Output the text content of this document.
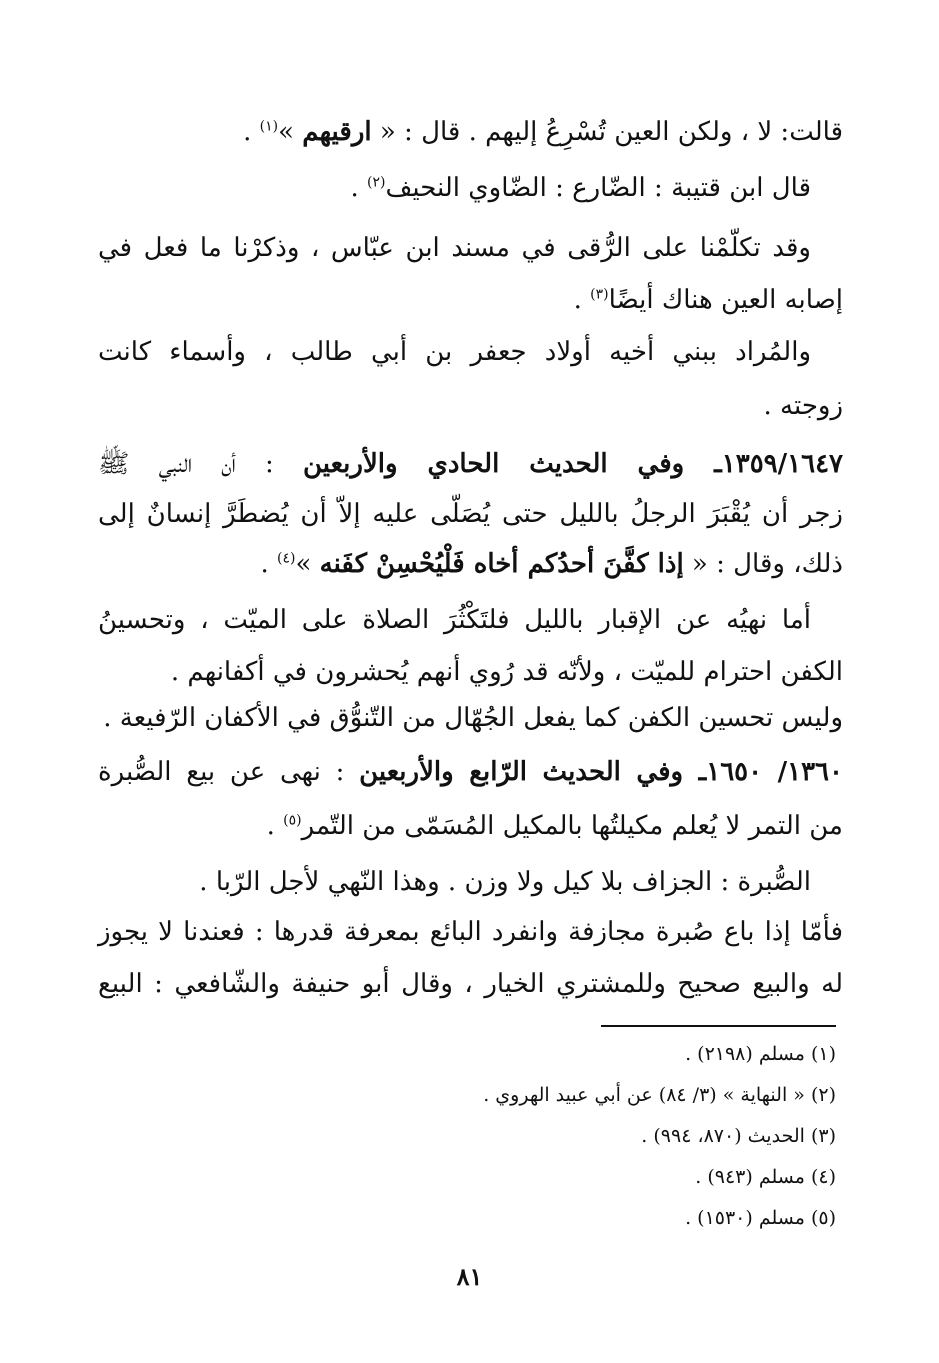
قالت: لا ، ولكن العين تُسْرِعُ إليهم . قال : « ارقيهم »$^{(١)}$ .
قال ابن قتيبة : الضّارع : الضّاوي النحيف$^{(٢)}$ .
وقد تكلّمْنا على الرُّقى في مسند ابن عبّاس ، وذكرْنا ما فعل في
إصابه العين هناك أيضًا$^{(٣)}$ .
والمُراد ببني أخيه أولاد جعفر بن أبي طالب ، وأسماء كانت
زوجته .
١٣٥٩/١٦٤٧ـ وفي الحديث الحادي والأربعين : أن النبي ﷺ
زجر أن يُقْبَرَ الرجلُ بالليل حتى يُصَلّى عليه إلاّ أن يُضطَرَّ إنسانٌ إلى
ذلك، وقال : « إذا كفَّنَ أحدُكم أخاه فَلْيُحْسِنْ كفَنه »$^{(٤)}$ .
أما نهيُه عن الإقبار بالليل فلتَكْثُرَ الصلاة على الميّت ، وتحسينُ
الكفن احترام للميّت ، ولأنّه قد رُوي أنهم يُحشرون في أكفانهم .
وليس تحسين الكفن كما يفعل الجُهّال من التّنوُّق في الأكفان الرّفيعة .
١٣٦٠/ ١٦٥٠ـ وفي الحديث الرّابع والأربعين : نهى عن بيع الصُّبرة
من التمر لا يُعلم مكيلتُها بالمكيل المُسَمّى من التّمر$^{(٥)}$ .
الصُّبرة : الجزاف بلا كيل ولا وزن . وهذا النّهي لأجل الرّبا .
فأمّا إذا باع صُبرة مجازفة وانفرد البائع بمعرفة قدرها : فعندنا لا يجوز
له والبيع صحيح وللمشتري الخيار ، وقال أبو حنيفة والشّافعي : البيع
(١) مسلم (٢١٩٨) .
(٢) « النهاية » (٣/ ٨٤) عن أبي عبيد الهروي .
(٣) الحديث (٨٧٠، ٩٩٤) .
(٤) مسلم (٩٤٣) .
(٥) مسلم (١٥٣٠) .
٨١
